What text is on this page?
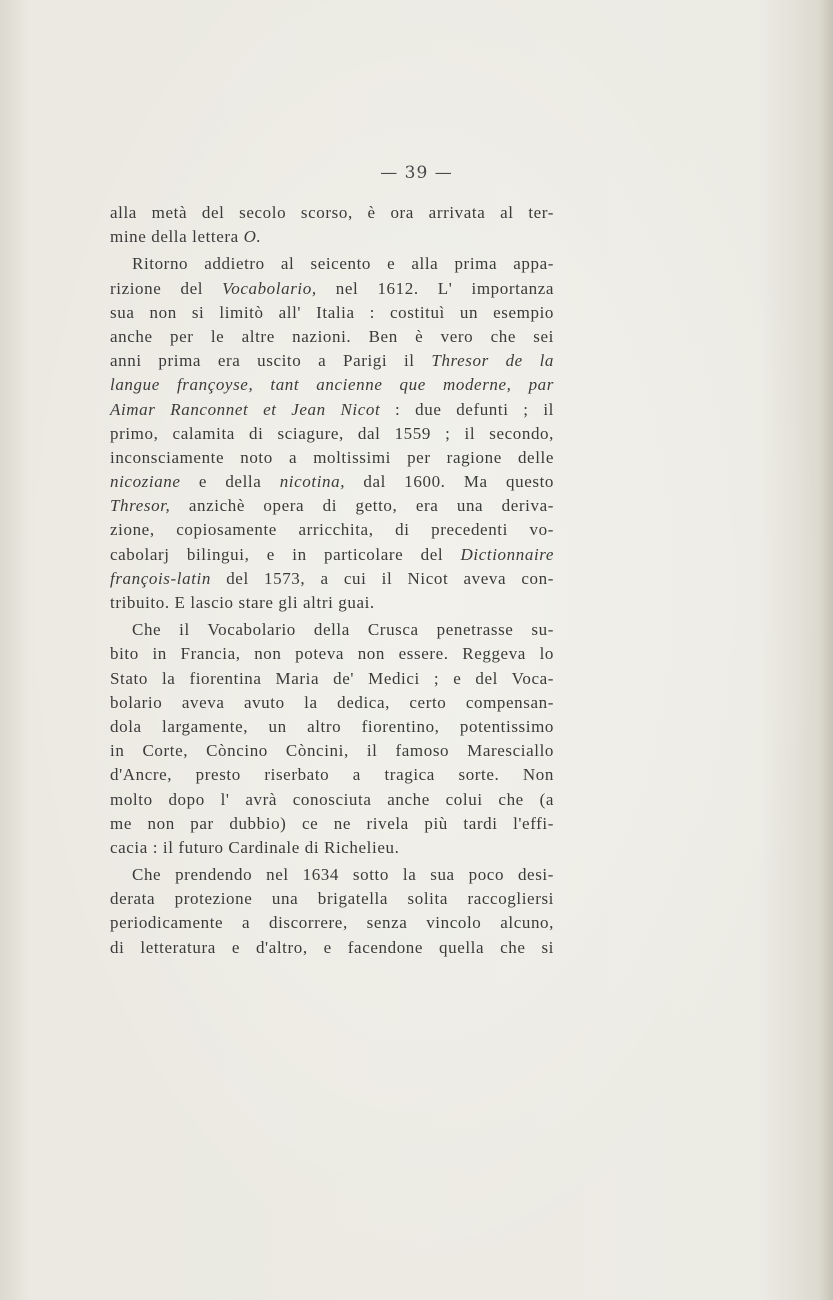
— 39 —
alla metà del secolo scorso, è ora arrivata al ter-
mine della lettera O.
Ritorno addietro al seicento e alla prima appa-
rizione del Vocabolario, nel 1612. L' importanza
sua non si limitò all' Italia : costituì un esempio
anche per le altre nazioni. Ben è vero che sei
anni prima era uscito a Parigi il Thresor de la
langue françoyse, tant ancienne que moderne, par
Aimar Ranconnet et Jean Nicot : due defunti ; il
primo, calamita di sciagure, dal 1559 ; il secondo,
inconsciamente noto a moltissimi per ragione delle
nicoziane e della nicotina, dal 1600. Ma questo
Thresor, anzichè opera di getto, era una deriva-
zione, copiosamente arricchita, di precedenti vo-
cabolarj bilingui, e in particolare del Dictionnaire
françois-latin del 1573, a cui il Nicot aveva con-
tribuito. E lascio stare gli altri guai.
Che il Vocabolario della Crusca penetrasse su-
bito in Francia, non poteva non essere. Reggeva lo
Stato la fiorentina Maria de' Medici ; e del Voca-
bolario aveva avuto la dedica, certo compensan-
dola largamente, un altro fiorentino, potentissimo
in Corte, Còncino Còncini, il famoso Maresciallo
d'Ancre, presto riserbato a tragica sorte. Non
molto dopo l' avrà conosciuta anche colui che (a
me non par dubbio) ce ne rivela più tardi l'effi-
cacia : il futuro Cardinale di Richelieu.
Che prendendo nel 1634 sotto la sua poco desi-
derata protezione una brigatella solita raccogliersi
periodicamente a discorrere, senza vincolo alcuno,
di letteratura e d'altro, e facendone quella che si
